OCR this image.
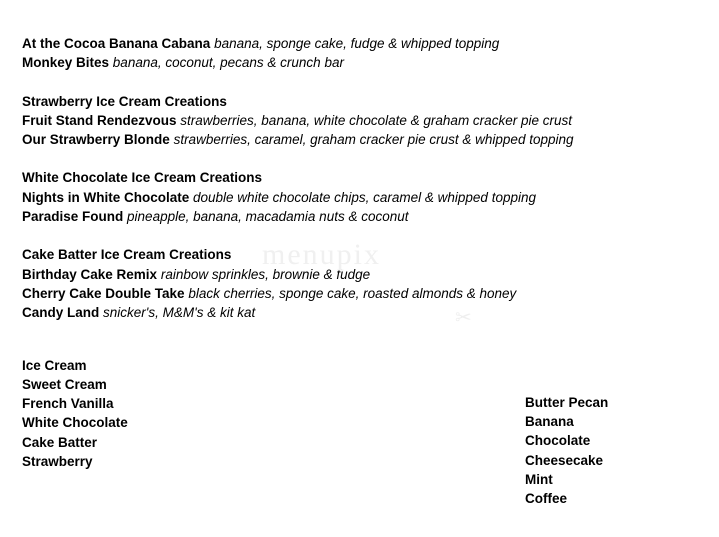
menupix
✂
At the Cocoa Banana Cabana banana, sponge cake, fudge & whipped topping
Monkey Bites banana, coconut, pecans & crunch bar
Strawberry Ice Cream Creations
Fruit Stand Rendezvous strawberries, banana, white chocolate & graham cracker pie crust
Our Strawberry Blonde strawberries, caramel, graham cracker pie crust & whipped topping
White Chocolate Ice Cream Creations
Nights in White Chocolate double white chocolate chips, caramel & whipped topping
Paradise Found pineapple, banana, macadamia nuts & coconut
Cake Batter Ice Cream Creations
Birthday Cake Remix rainbow sprinkles, brownie & fudge
Cherry Cake Double Take black cherries, sponge cake, roasted almonds & honey
Candy Land snicker's, M&M's & kit kat
Ice Cream
Sweet Cream
French Vanilla
White Chocolate
Cake Batter
Strawberry
Butter Pecan
Banana
Chocolate
Cheesecake
Mint
Coffee
